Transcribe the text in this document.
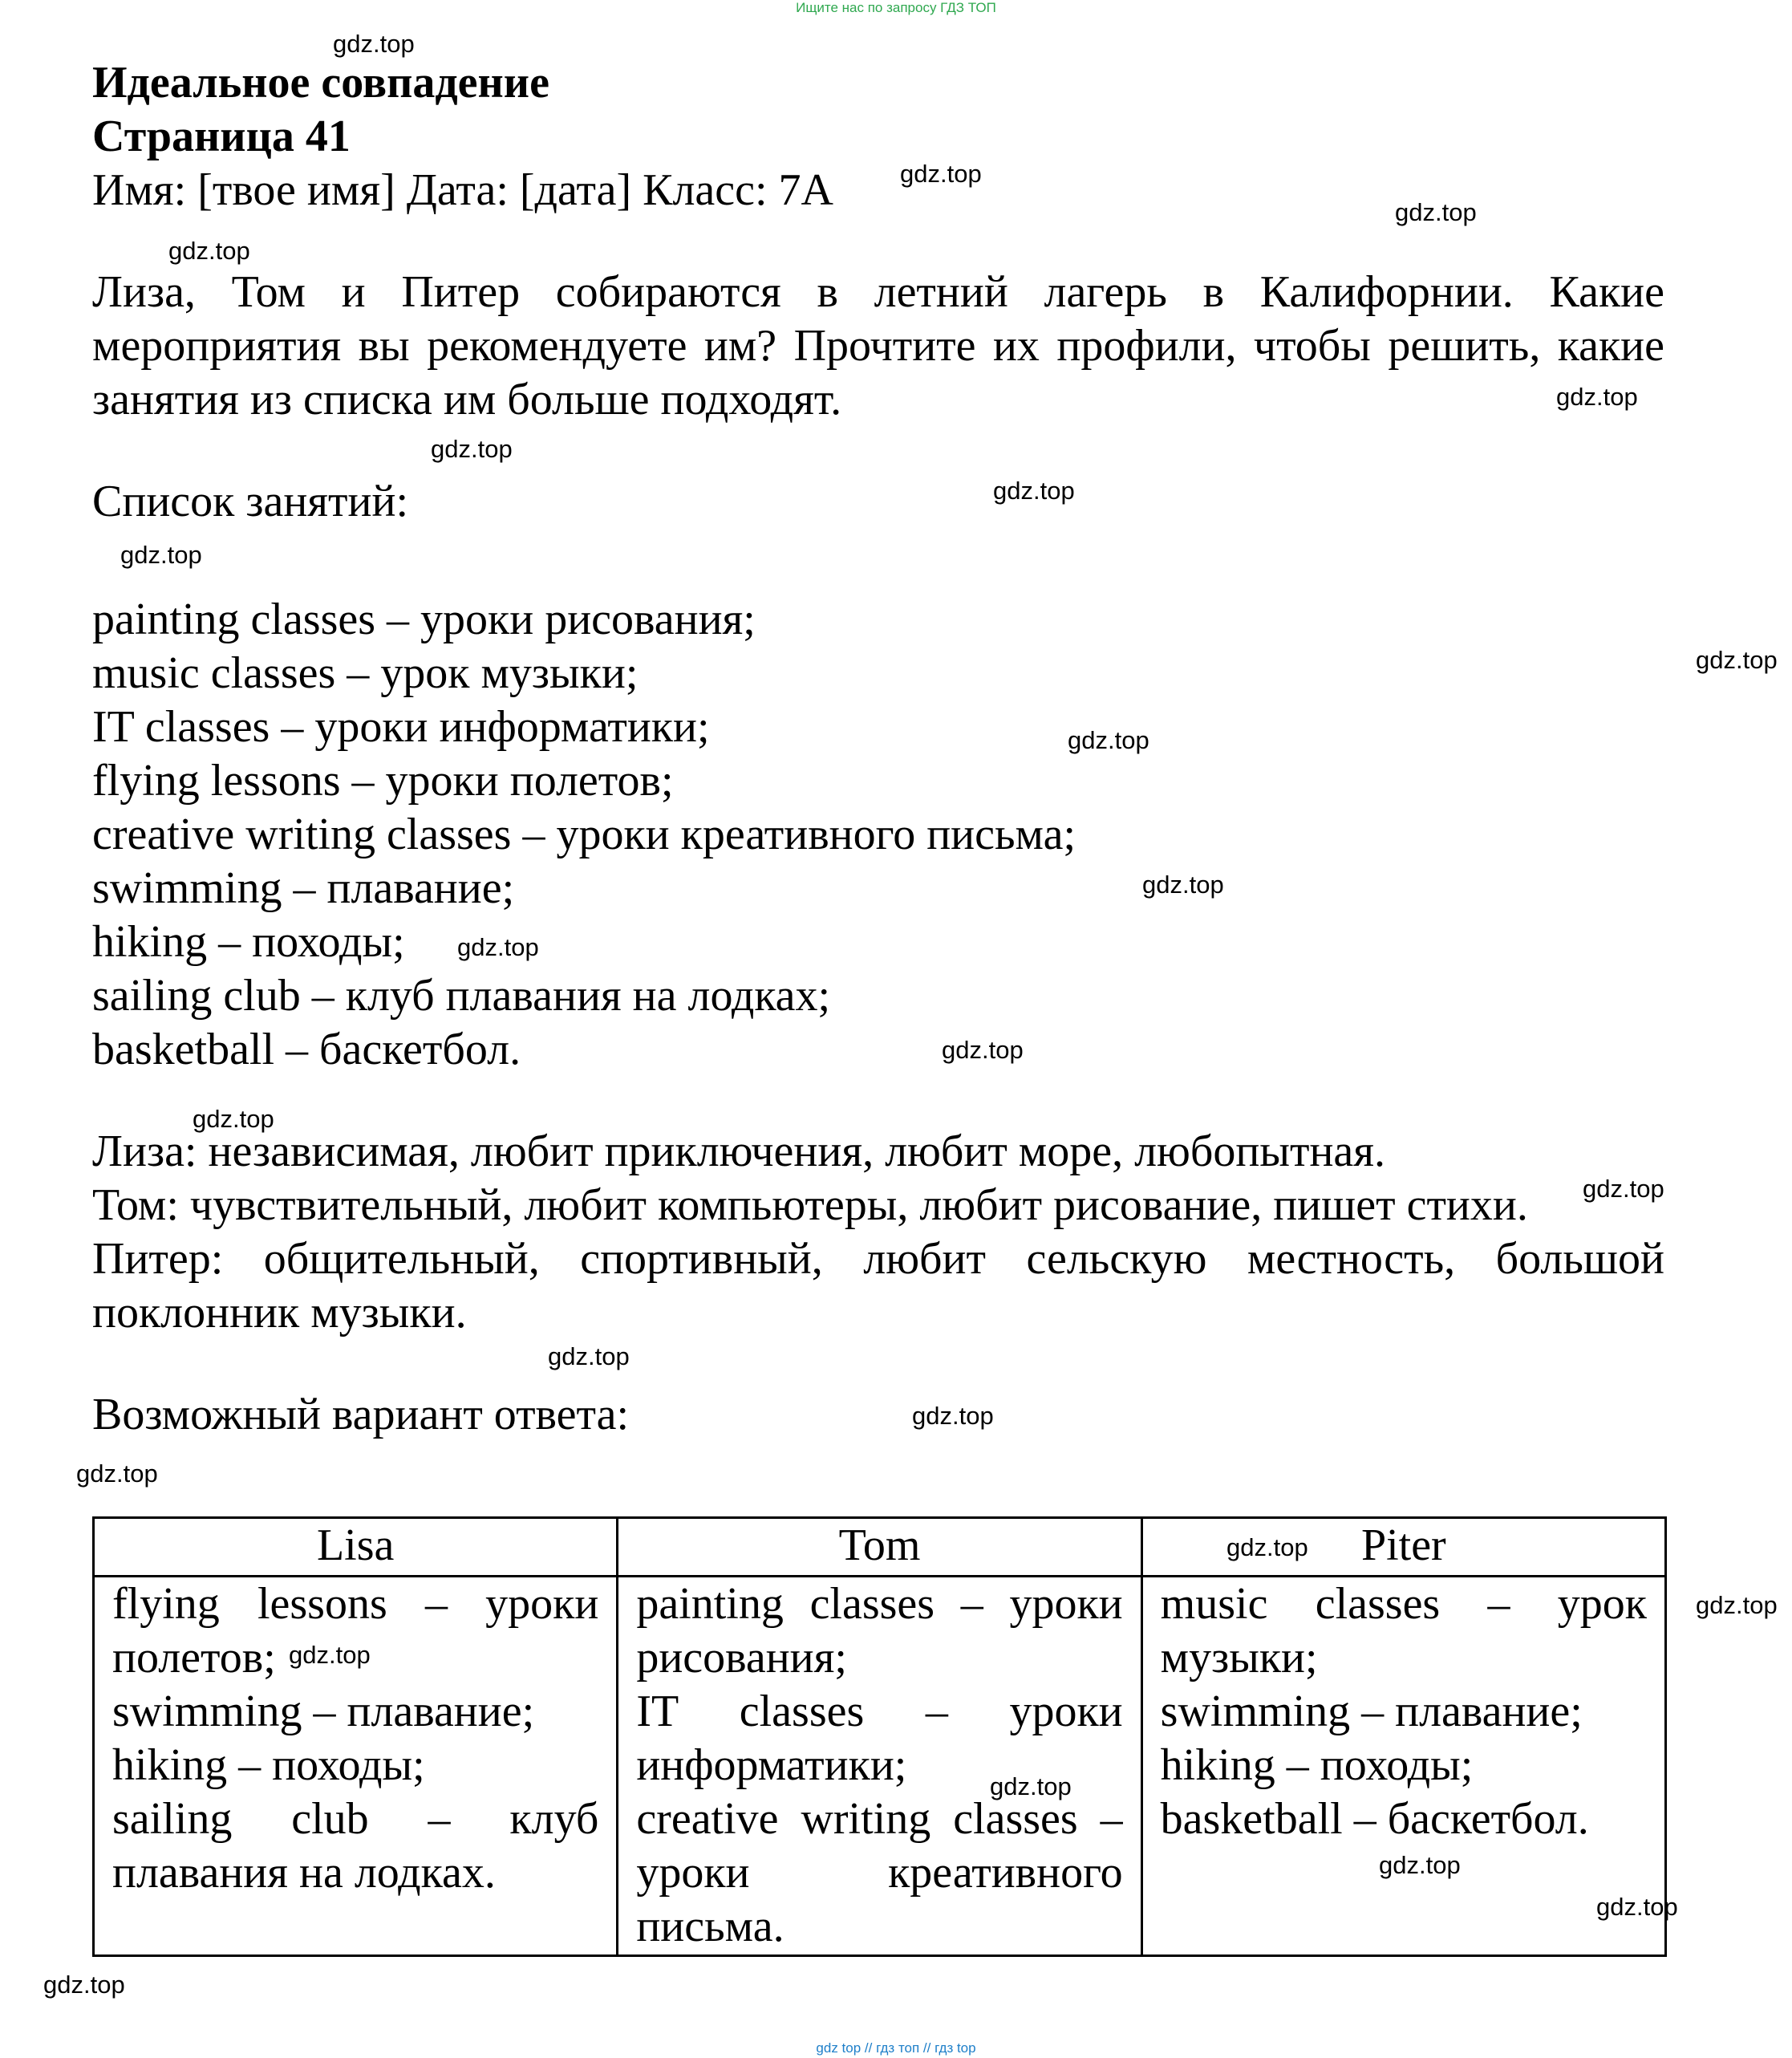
Ищите нас по запросу ГДЗ ТОП

Идеальное совпадение

Страница 41

Имя: [твое имя] Дата: [дата] Класс: 7А

Лиза, Том и Питер собираются в летний лагерь в Калифорнии. Какие мероприятия вы рекомендуете им? Прочтите их профили, чтобы решить, какие занятия из списка им больше подходят.

Список занятий:

painting classes – уроки рисования;

music classes – урок музыки;

IT classes – уроки информатики;

flying lessons – уроки полетов;

creative writing classes – уроки креативного письма;

swimming – плавание;

hiking – походы;

sailing club – клуб плавания на лодках;

basketball – баскетбол.

Лиза: независимая, любит приключения, любит море, любопытная.

Том: чувствительный, любит компьютеры, любит рисование, пишет стихи.

Питер: общительный, спортивный, любит сельскую местность, большой поклонник музыки.

Возможный вариант ответа:

Lisa	Tom	Piter

flying lessons – уроки полетов;
swimming – плавание;
hiking – походы;
sailing club – клуб плавания на лодках.	painting classes – уроки рисования;
IT classes – уроки информатики;
creative writing classes – уроки креативного письма.	music classes – урок музыки;
swimming – плавание;
hiking – походы;
basketball – баскетбол.
gdz.top
gdz.top
gdz.top
gdz.top
gdz.top
gdz.top
gdz.top
gdz.top
gdz.top
gdz.top
gdz.top
gdz.top
gdz.top
gdz.top
gdz.top
gdz.top
gdz.top
gdz.top
gdz.top
gdz.top
gdz.top
gdz.top
gdz.top
gdz.top
gdz.top
gdz top // гдз топ // гдз top
